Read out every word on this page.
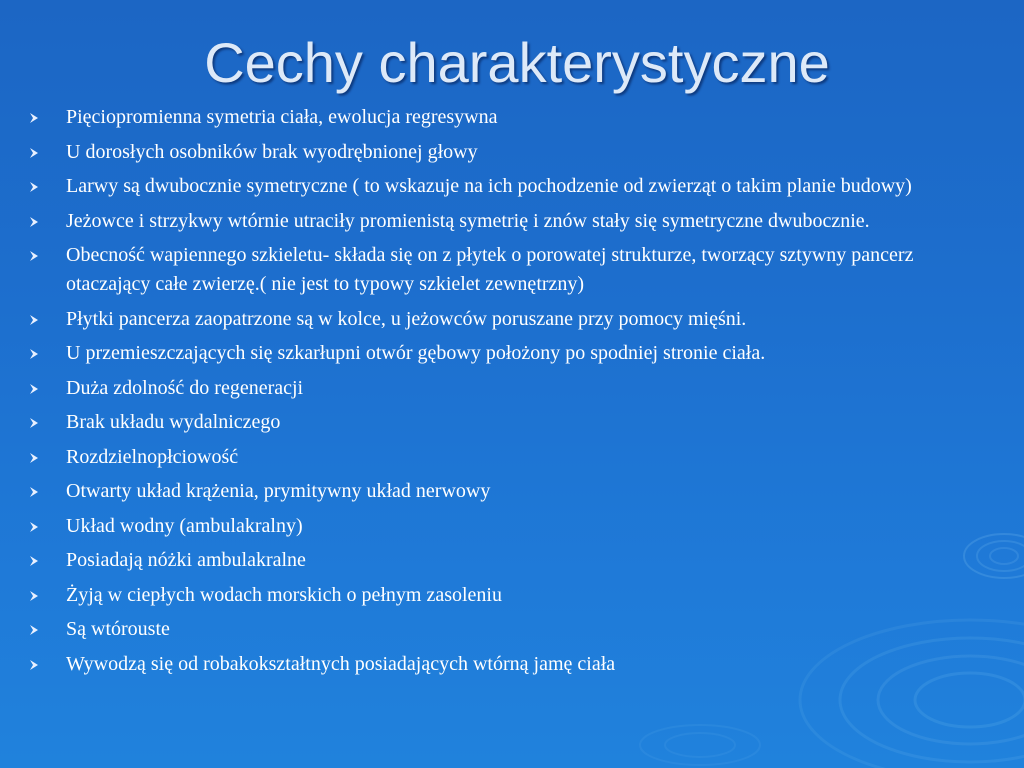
Cechy charakterystyczne
Pięciopromienna symetria ciała, ewolucja regresywna
U dorosłych osobników brak wyodrębnionej głowy
Larwy są dwubocznie symetryczne ( to wskazuje na ich pochodzenie od zwierząt o takim planie budowy)
Jeżowce i strzykwy wtórnie utraciły promienistą symetrię i znów stały się symetryczne dwubocznie.
Obecność wapiennego szkieletu- składa się on z płytek o porowatej strukturze, tworzący sztywny pancerz otaczający całe zwierzę.( nie jest to typowy szkielet zewnętrzny)
Płytki pancerza zaopatrzone są w kolce, u jeżowców poruszane przy pomocy mięśni.
U przemieszczających się szkarłupni otwór gębowy położony po spodniej stronie ciała.
Duża zdolność do regeneracji
Brak układu wydalniczego
Rozdzielnopłciowość
Otwarty układ krążenia, prymitywny układ nerwowy
Układ wodny (ambulakralny)
Posiadają nóżki ambulakralne
Żyją w ciepłych wodach morskich o pełnym zasoleniu
Są wtórouste
Wywodzą się od robakokształtnych posiadających wtórną jamę ciała
